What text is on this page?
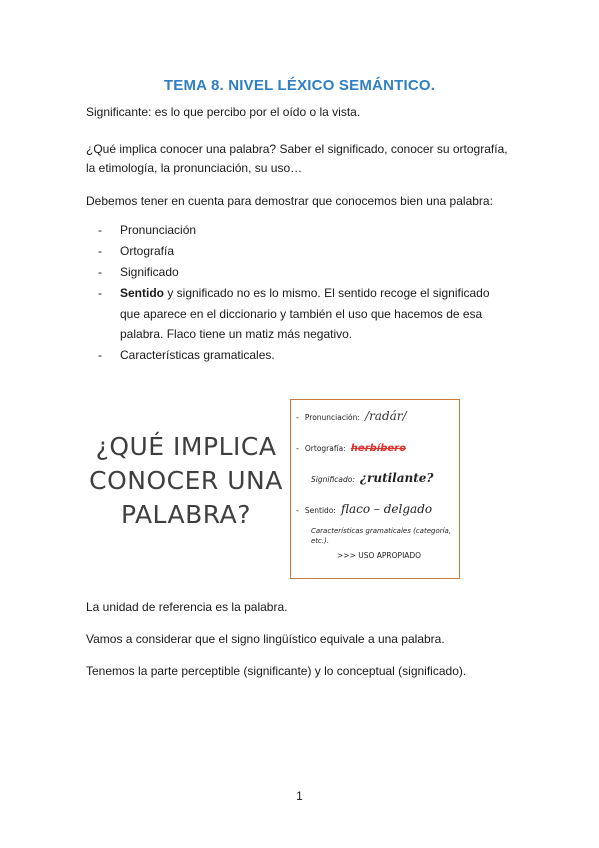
TEMA 8. NIVEL LÉXICO SEMÁNTICO.
Significante: es lo que percibo por el oído o la vista.
¿Qué implica conocer una palabra? Saber el significado, conocer su ortografía,
la etimología, la pronunciación, su uso…
Debemos tener en cuenta para demostrar que conocemos bien una palabra:
- Pronunciación
- Ortografía
- Significado
- Sentido y significado no es lo mismo. El sentido recoge el significado
que aparece en el diccionario y también el uso que hacemos de esa
palabra. Flaco tiene un matiz más negativo.
- Características gramaticales.
¿QUÉ IMPLICA
CONOCER UNA
PALABRA?
- Pronunciación: /radár/
- Ortografía: herbíbero
Significado: ¿rutilante?
- Sentido: flaco – delgado
Características gramaticales (categoría,
etc.).
>>> USO APROPIADO
La unidad de referencia es la palabra.
Vamos a considerar que el signo lingüístico equivale a una palabra.
Tenemos la parte perceptible (significante) y lo conceptual (significado).
1
